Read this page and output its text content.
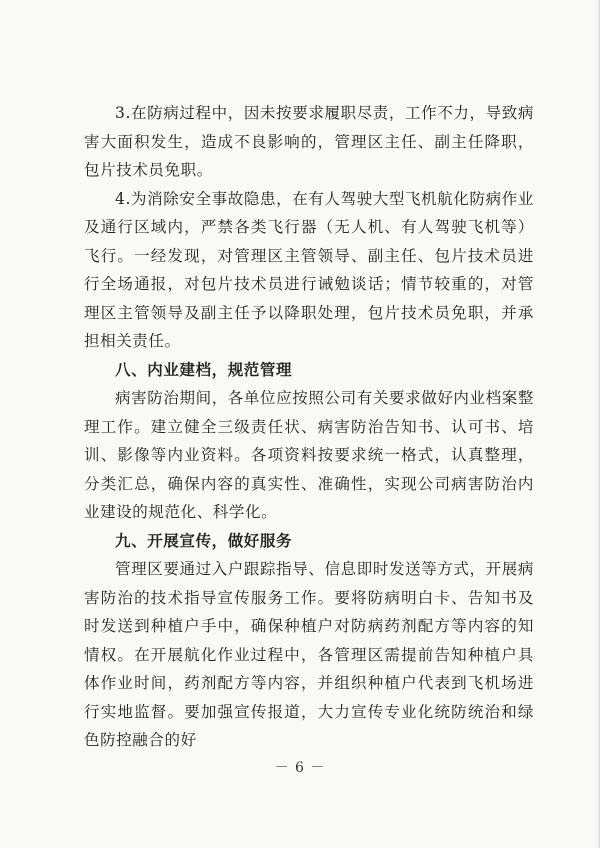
3.在防病过程中，因未按要求履职尽责，工作不力，导致病害大面积发生，造成不良影响的，管理区主任、副主任降职，包片技术员免职。

4.为消除安全事故隐患，在有人驾驶大型飞机航化防病作业及通行区域内，严禁各类飞行器（无人机、有人驾驶飞机等）飞行。一经发现，对管理区主管领导、副主任、包片技术员进行全场通报，对包片技术员进行诫勉谈话；情节较重的，对管理区主管领导及副主任予以降职处理，包片技术员免职，并承担相关责任。

八、内业建档，规范管理

病害防治期间，各单位应按照公司有关要求做好内业档案整理工作。建立健全三级责任状、病害防治告知书、认可书、培训、影像等内业资料。各项资料按要求统一格式，认真整理，分类汇总，确保内容的真实性、准确性，实现公司病害防治内业建设的规范化、科学化。

九、开展宣传，做好服务

管理区要通过入户跟踪指导、信息即时发送等方式，开展病害防治的技术指导宣传服务工作。要将防病明白卡、告知书及时发送到种植户手中，确保种植户对防病药剂配方等内容的知情权。在开展航化作业过程中，各管理区需提前告知种植户具体作业时间，药剂配方等内容，并组织种植户代表到飞机场进行实地监督。要加强宣传报道，大力宣传专业化统防统治和绿色防控融合的好

－ 6 －
